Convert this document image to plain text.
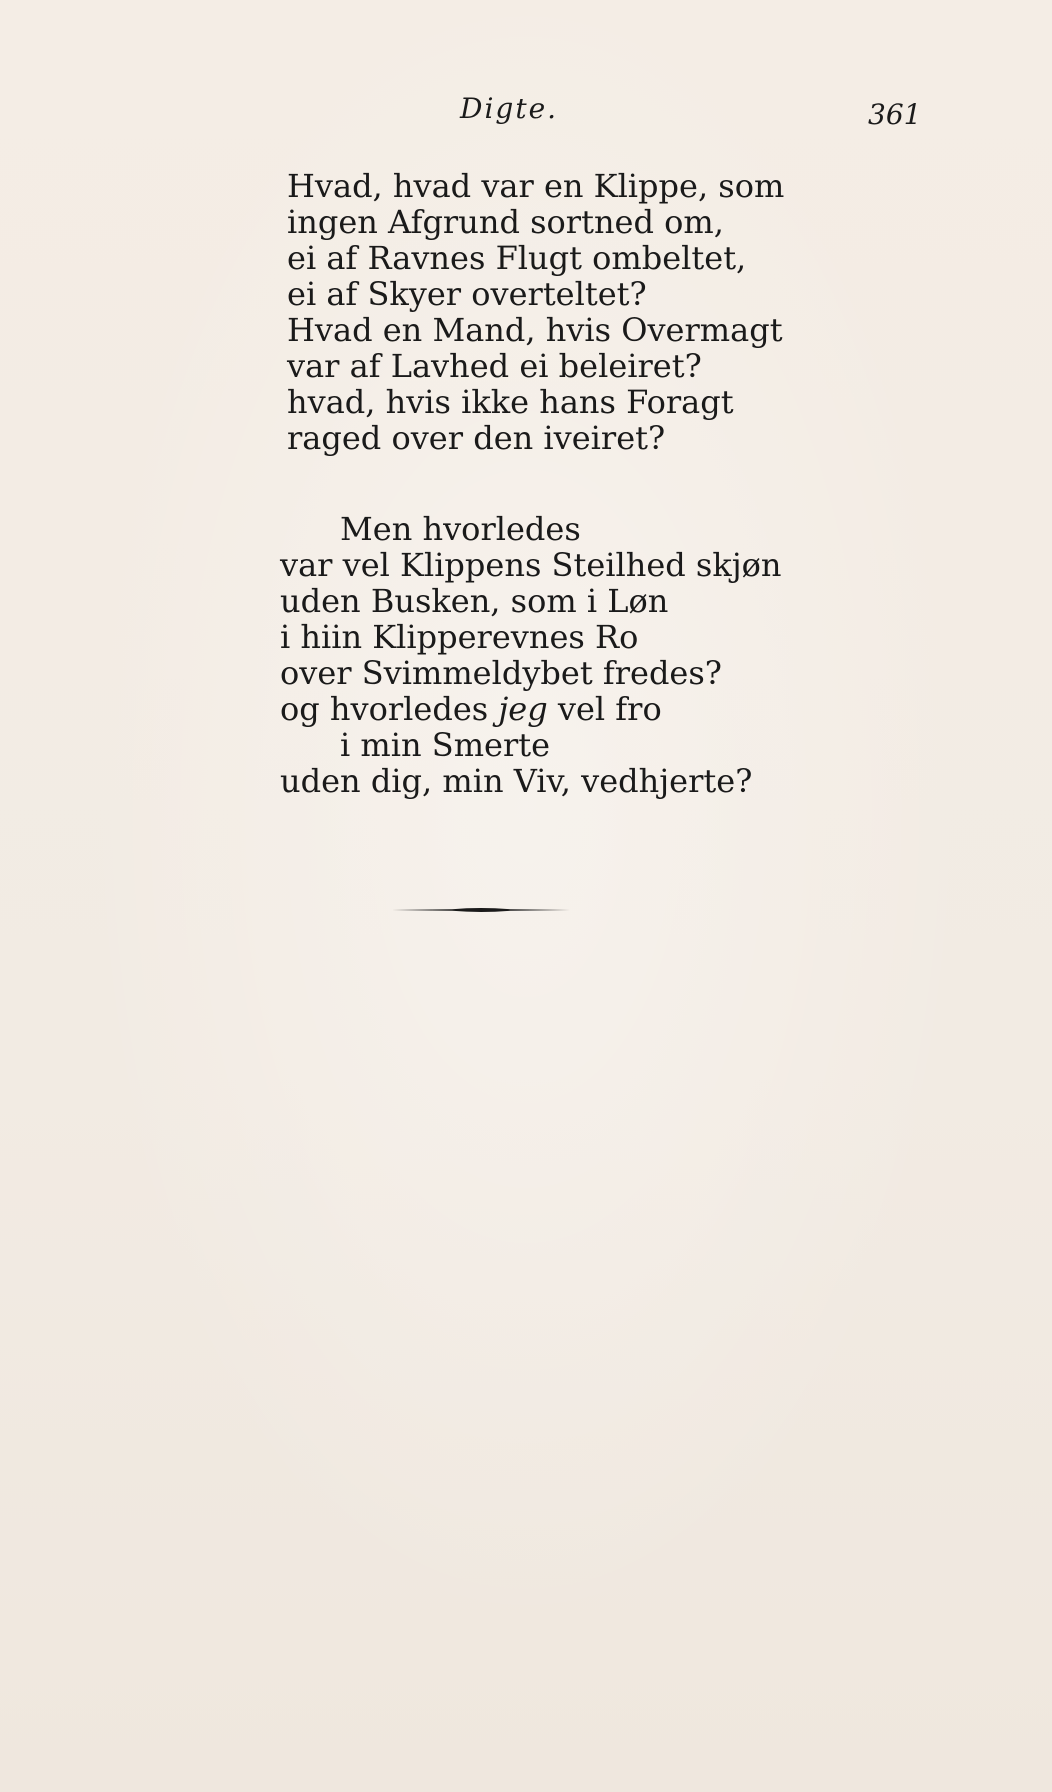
Digte.	361
Hvad, hvad var en Klippe, som
ingen Afgrund sortned om,
ei af Ravnes Flugt ombeltet,
ei af Skyer overteltet?
Hvad en Mand, hvis Overmagt
var af Lavhed ei beleiret?
hvad, hvis ikke hans Foragt
raged over den iveiret?
Men hvorledes
var vel Klippens Steilhed skjøn
uden Busken, som i Løn
i hiin Klipperevnes Ro
over Svimmeldybet fredes?
og hvorledes jeg vel fro
i min Smerte
uden dig, min Viv, vedhjerte?
